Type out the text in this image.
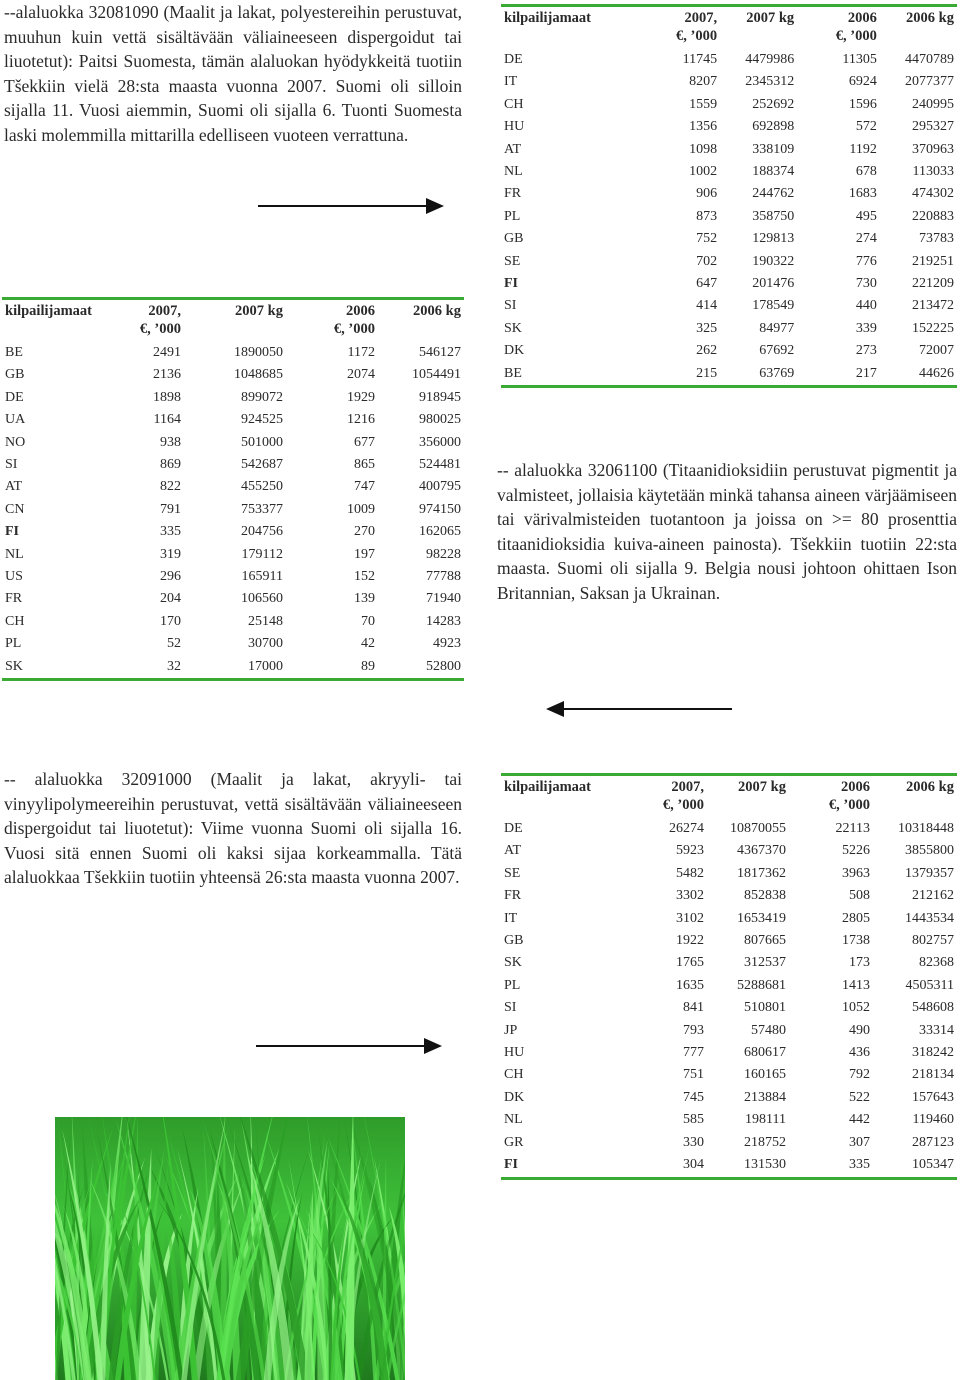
--alaluokka 32081090 (Maalit ja lakat, polyestereihin perustuvat, muuhun kuin vettä sisältävään väliaineeseen dispergoidut tai liuotetut): Paitsi Suomesta, tämän alaluokan hyödykkeitä tuotiin Tšekkiin vielä 28:sta maasta vuonna 2007. Suomi oli silloin sijalla 11. Vuosi aiemmin, Suomi oli sijalla 6. Tuonti Suomesta laski molemmilla mittarilla edelliseen vuoteen verrattuna.

-- alaluokka 32061100 (Titaanidioksidiin perustuvat pigmentit ja valmisteet, jollaisia käytetään minkä tahansa aineen värjäämiseen tai värivalmisteiden tuotantoon ja joissa on >= 80 prosenttia titaanidioksidia kuiva-aineen painosta). Tšekkiin tuotiin 22:sta maasta. Suomi oli sijalla 9. Belgia nousi johtoon ohittaen Ison Britannian, Saksan ja Ukrainan.

-- alaluokka 32091000 (Maalit ja lakat, akryyli- tai vinyylipolymeereihin perustuvat, vettä sisältävään väliaineeseen dispergoidut tai liuotetut): Viime vuonna Suomi oli sijalla 16. Vuosi sitä ennen Suomi oli kaksi sijaa korkeammalla. Tätä alaluokkaa Tšekkiin tuotiin yhteensä 26:sta maasta vuonna 2007.

kilpailijamaat	2007,
€, ’000	2007 kg	2006
€, ’000	2006 kg
DE	11745	4479986	11305	4470789
IT	8207	2345312	6924	2077377
CH	1559	252692	1596	240995
HU	1356	692898	572	295327
AT	1098	338109	1192	370963
NL	1002	188374	678	113033
FR	906	244762	1683	474302
PL	873	358750	495	220883
GB	752	129813	274	73783
SE	702	190322	776	219251
FI	647	201476	730	221209
SI	414	178549	440	213472
SK	325	84977	339	152225
DK	262	67692	273	72007
BE	215	63769	217	44626
kilpailijamaat	2007,
€, ’000	2007 kg	2006
€, ’000	2006 kg
BE	2491	1890050	1172	546127
GB	2136	1048685	2074	1054491
DE	1898	899072	1929	918945
UA	1164	924525	1216	980025
NO	938	501000	677	356000
SI	869	542687	865	524481
AT	822	455250	747	400795
CN	791	753377	1009	974150
FI	335	204756	270	162065
NL	319	179112	197	98228
US	296	165911	152	77788
FR	204	106560	139	71940
CH	170	25148	70	14283
PL	52	30700	42	4923
SK	32	17000	89	52800
kilpailijamaat	2007,
€, ’000	2007 kg	2006
€, ’000	2006 kg
DE	26274	10870055	22113	10318448
AT	5923	4367370	5226	3855800
SE	5482	1817362	3963	1379357
FR	3302	852838	508	212162
IT	3102	1653419	2805	1443534
GB	1922	807665	1738	802757
SK	1765	312537	173	82368
PL	1635	5288681	1413	4505311
SI	841	510801	1052	548608
JP	793	57480	490	33314
HU	777	680617	436	318242
CH	751	160165	792	218134
DK	745	213884	522	157643
NL	585	198111	442	119460
GR	330	218752	307	287123
FI	304	131530	335	105347
